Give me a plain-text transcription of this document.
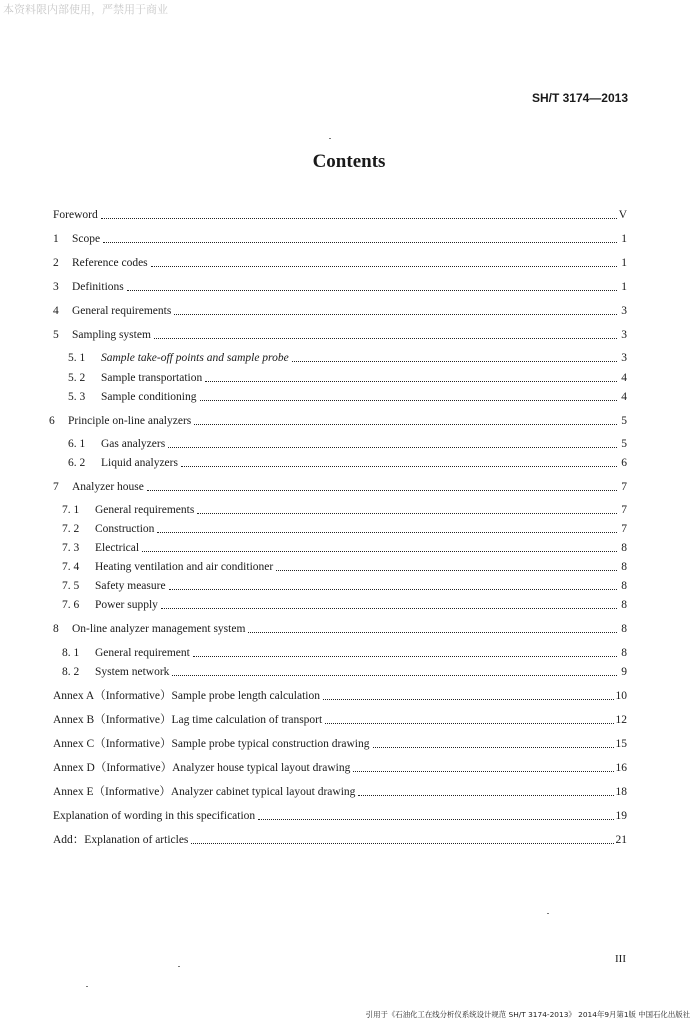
本资料限内部使用，严禁用于商业
SH/T 3174—2013
Contents
Foreword	V
1	Scope	1
2	Reference codes	1
3	Definitions	1
4	General requirements	3
5	Sampling system	3
5. 1	Sample take-off points and sample probe	3
5. 2	Sample transportation	4
5. 3	Sample conditioning	4
6	Principle on-line analyzers	5
6. 1	Gas analyzers	5
6. 2	Liquid analyzers	6
7	Analyzer house	7
7. 1	General requirements	7
7. 2	Construction	7
7. 3	Electrical	8
7. 4	Heating ventilation and air conditioner	8
7. 5	Safety measure	8
7. 6	Power supply	8
8	On-line analyzer management system	8
8. 1	General requirement	8
8. 2	System network	9
Annex A（Informative）Sample probe length calculation	10
Annex B（Informative）Lag time calculation of transport	12
Annex C（Informative）Sample probe typical construction drawing	15
Annex D（Informative）Analyzer house typical layout drawing	16
Annex E（Informative）Analyzer cabinet typical layout drawing	18
Explanation of wording in this specification	19
Add：Explanation of articles	21
III
引用于《石油化工在线分析仪系统设计规范 SH/T 3174-2013》 2014年9月第1版 中国石化出版社
